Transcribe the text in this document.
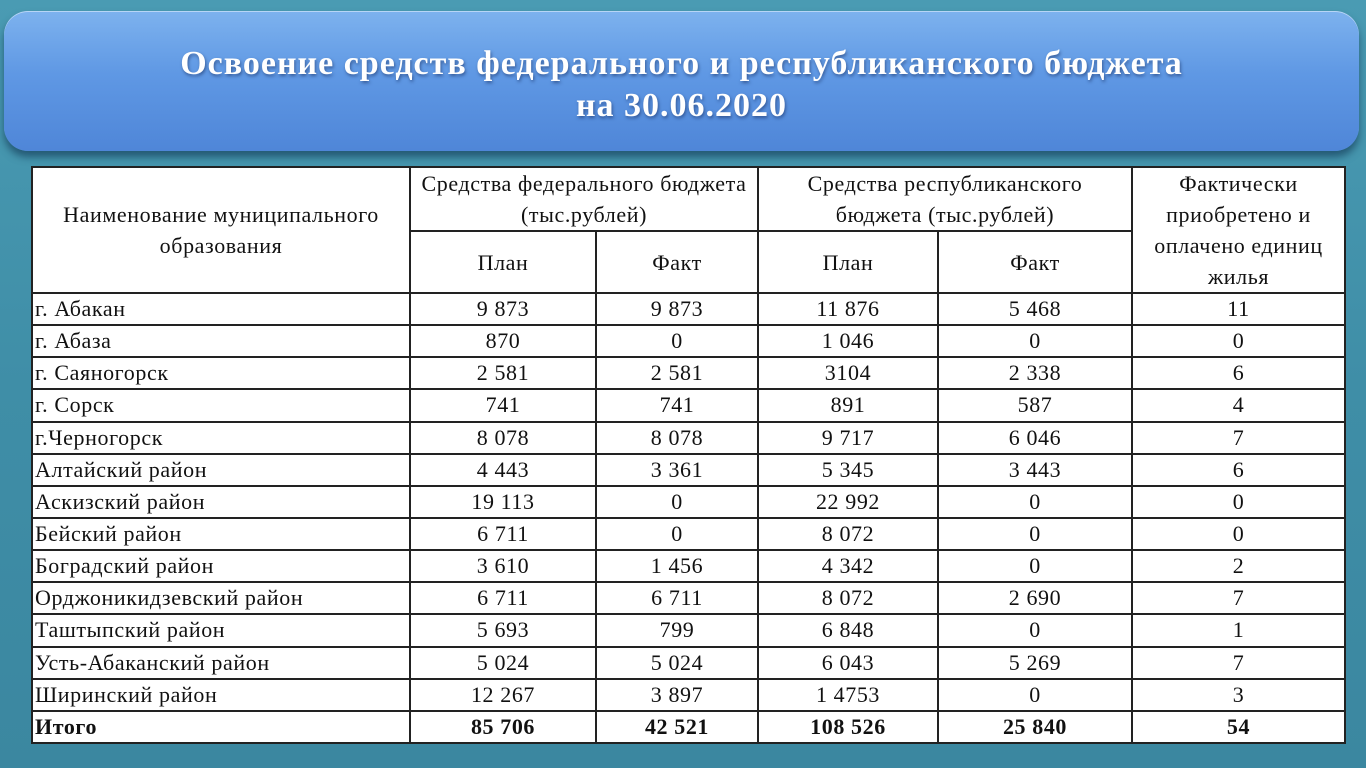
Освоение средств федерального и республиканского бюджета
на 30.06.2020
Наименование муниципального образования	Средства федерального бюджета (тыс.рублей)		Средства республиканского бюджета (тыс.рублей)		Фактически приобретено и оплачено единиц жилья
	План	Факт	План	Факт	
г. Абакан	9 873	9 873	11 876	5 468	11
г. Абаза	870	0	1 046	0	0
г. Саяногорск	2 581	2 581	3104	2 338	6
г. Сорск	741	741	891	587	4
г.Черногорск	8 078	8 078	9 717	6 046	7
Алтайский район	4 443	3 361	5 345	3 443	6
Аскизский район	19 113	0	22 992	0	0
Бейский район	6 711	0	8 072	0	0
Боградский район	3 610	1 456	4 342	0	2
Орджоникидзевский район	6 711	6 711	8 072	2 690	7
Таштыпский район	5 693	799	6 848	0	1
Усть-Абаканский район	5 024	5 024	6 043	5 269	7
Ширинский район	12 267	3 897	1 4753	0	3
Итого	85 706	42 521	108 526	25 840	54
